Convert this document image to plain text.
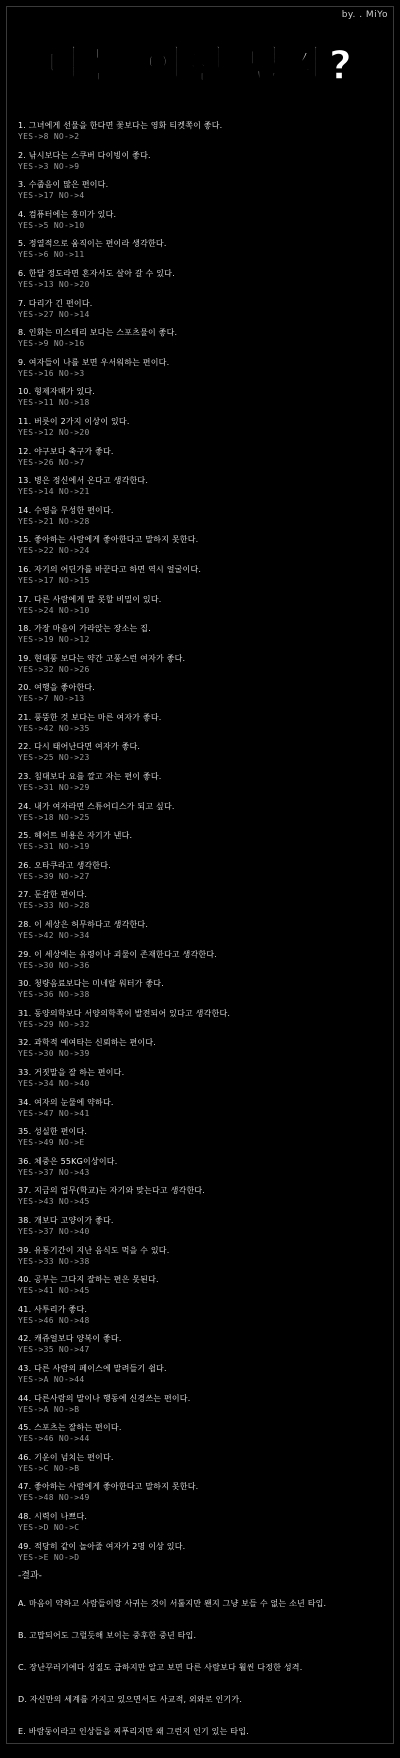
by. . MiYo
나는 어떤 남자?
1. 그녀에게 선물을 한다면 꽃보다는 영화 티켓쪽이 좋다.
YES->8 NO->2
2. 낚시보다는 스쿠버 다이빙이 좋다.
YES->3 NO->9
3. 수줍음이 많은 편이다.
YES->17 NO->4
4. 컴퓨터에는 흥미가 있다.
YES->5 NO->10
5. 정열적으로 움직이는 편이라 생각한다.
YES->6 NO->11
6. 한달 정도라면 혼자서도 살아 갈 수 있다.
YES->13 NO->20
7. 다리가 긴 편이다.
YES->27 NO->14
8. 인화는 미스테리 보다는 스포츠물이 좋다.
YES->9 NO->16
9. 여자들이 나를 보면 우서워하는 편이다.
YES->16 NO->3
10. 형제자매가 있다.
YES->11 NO->18
11. 버릇이 2가지 이상이 있다.
YES->12 NO->20
12. 야구보다 축구가 좋다.
YES->26 NO->7
13. 병은 정신에서 온다고 생각한다.
YES->14 NO->21
14. 수영을 무성한 편이다.
YES->21 NO->28
15. 좋아하는 사람에게 좋아한다고 말하지 못한다.
YES->22 NO->24
16. 자기의 어딘가를 바꾼다고 하면 역시 얼굴이다.
YES->17 NO->15
17. 다른 사람에게 말 못할 비밀이 있다.
YES->24 NO->10
18. 가장 마음이 가라앉는 장소는 집.
YES->19 NO->12
19. 현대풍 보다는 약간 고풍스런 여자가 좋다.
YES->32 NO->26
20. 여행을 좋아한다.
YES->7 NO->13
21. 풍뚱한 것 보다는 마른 여자가 좋다.
YES->42 NO->35
22. 다시 태어난다면 여자가 좋다.
YES->25 NO->23
23. 침대보다 요를 깔고 자는 편이 좋다.
YES->31 NO->29
24. 내가 여자라면 스튜어디스가 되고 싶다.
YES->18 NO->25
25. 헤어트 비용은 자기가 낸다.
YES->31 NO->19
26. 오타쿠라고 생각한다.
YES->39 NO->27
27. 둔감한 편이다.
YES->33 NO->28
28. 이 세상은 허무하다고 생각한다.
YES->42 NO->34
29. 이 세상에는 유령이나 괴물이 존재한다고 생각한다.
YES->30 NO->36
30. 청량음료보다는 미네랄 워터가 좋다.
YES->36 NO->38
31. 동양의학보다 서양의학쪽이 발전되어 있다고 생각한다.
YES->29 NO->32
32. 과학적 예여타는 신뢰하는 편이다.
YES->30 NO->39
33. 거짓말을 잘 하는 편이다.
YES->34 NO->40
34. 여자의 눈물에 약하다.
YES->47 NO->41
35. 성실한 편이다.
YES->49 NO->E
36. 체중은 55KG이상이다.
YES->37 NO->43
37. 지금의 업무(학교)는 자기와 맞는다고 생각한다.
YES->43 NO->45
38. 개보다 고양이가 좋다.
YES->37 NO->40
39. 유통기간이 지난 음식도 먹을 수 있다.
YES->33 NO->38
40. 공부는 그다지 잘하는 편은 못된다.
YES->41 NO->45
41. 사투리가 좋다.
YES->46 NO->48
42. 캐쥬얼보다 양복이 좋다.
YES->35 NO->47
43. 다른 사람의 페이스에 말려들기 쉽다.
YES->A NO->44
44. 다른사람의 말이나 행동에 신경쓰는 편이다.
YES->A NO->B
45. 스포츠는 잘하는 편이다.
YES->46 NO->44
46. 기운이 넘치는 편이다.
YES->C NO->B
47. 좋아하는 사람에게 좋아한다고 말하지 못한다.
YES->48 NO->49
48. 시력이 나쁘다.
YES->D NO->C
49. 적당히 같이 놀아줄 여자가 2명 이상 있다.
YES->E NO->D
-결과-
A. 마음이 약하고 사람들이랑 사귀는 것이 서툴지만 왠지 그냥 보들 수 없는 소년 타입.
B. 고맙되어도 그럴듯해 보이는 중후한 중년 타입.
C. 장난꾸러기에다 성질도 급하지만 알고 보면 다른 사람보다 훨씬 다정한 성격.
D. 자신만의 세계를 가지고 있으면서도 사교적, 외와로 인기가.
E. 바람둥이라고 인상들을 찌푸리지만 왜 그런지 인기 있는 타입.
